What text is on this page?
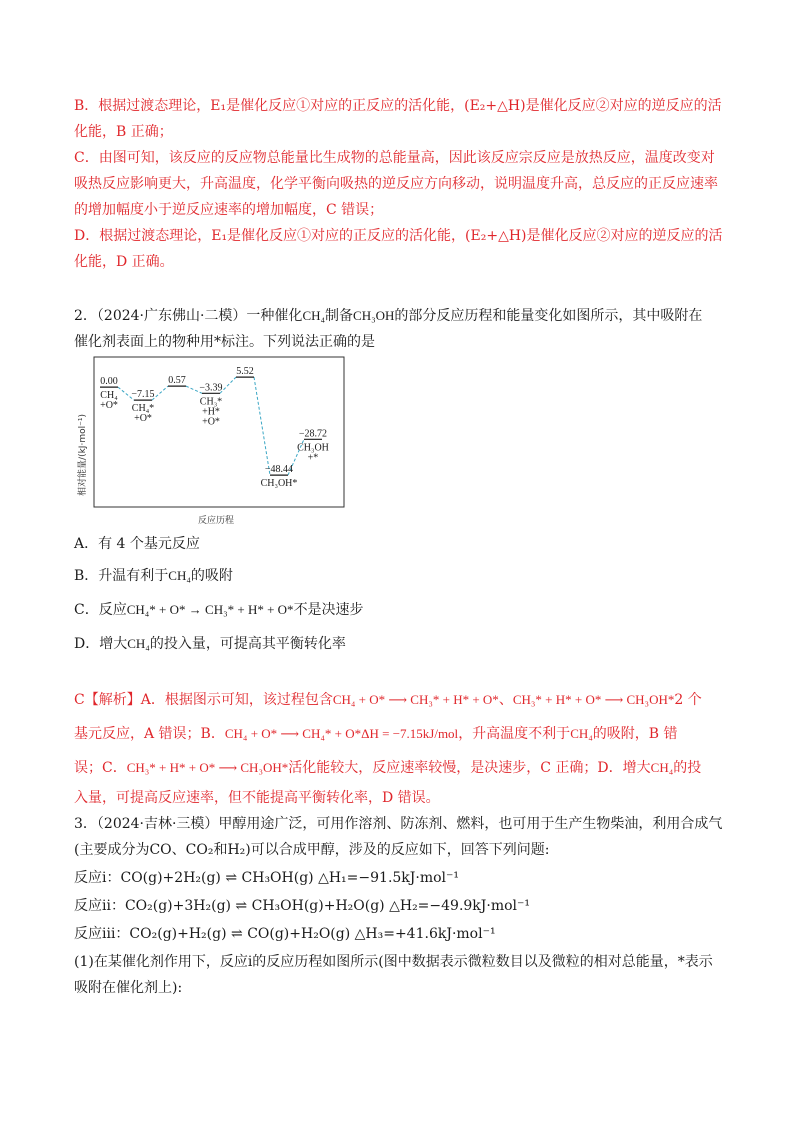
B．根据过渡态理论，E₁是催化反应①对应的正反应的活化能，(E₂+△H)是催化反应②对应的逆反应的活
化能，B 正确；
C．由图可知，该反应的反应物总能量比生成物的总能量高，因此该反应宗反应是放热反应，温度改变对
吸热反应影响更大，升高温度，化学平衡向吸热的逆反应方向移动，说明温度升高，总反应的正反应速率
的增加幅度小于逆反应速率的增加幅度，C 错误；
D．根据过渡态理论，E₁是催化反应①对应的正反应的活化能，(E₂+△H)是催化反应②对应的逆反应的活
化能，D 正确。
2．（2024·广东佛山·二模）一种催化CH₄制备CH₃OH的部分反应历程和能量变化如图所示，其中吸附在
催化剂表面上的物种用*标注。下列说法正确的是
0.00
CH₄
+O*
−7.15
CH₄*
+O*
0.57
−3.39
CH₃*
+H*
+O*
5.52
−48.44
CH₃OH*
−28.72
CH₃OH
+*
相对能量/(kJ·mol⁻¹)
反应历程
A．有 4 个基元反应
B．升温有利于CH₄的吸附
C．反应CH₄* + O* → CH₃* + H* + O*不是决速步
D．增大CH₄的投入量，可提高其平衡转化率
C【解析】A．根据图示可知，该过程包含CH₄ + O* ⟶ CH₃* + H* + O*、CH₃* + H* + O* ⟶ CH₃OH*2 个
基元反应，A 错误；B．CH₄ + O* ⟶ CH₄* + O*ΔH = −7.15kJ/mol，升高温度不利于CH₄的吸附，B 错
误；C．CH₃* + H* + O* ⟶ CH₃OH*活化能较大，反应速率较慢，是决速步，C 正确；D．增大CH₄的投
入量，可提高反应速率，但不能提高平衡转化率，D 错误。
3．（2024·吉林·三模）甲醇用途广泛，可用作溶剂、防冻剂、燃料，也可用于生产生物柴油，利用合成气
(主要成分为CO、CO₂和H₂)可以合成甲醇，涉及的反应如下，回答下列问题:
反应ⅰ：CO(g)+2H₂(g) ⇌ CH₃OH(g) △H₁=−91.5kJ·mol⁻¹
反应ⅱ：CO₂(g)+3H₂(g) ⇌ CH₃OH(g)+H₂O(g) △H₂=−49.9kJ·mol⁻¹
反应ⅲ：CO₂(g)+H₂(g) ⇌ CO(g)+H₂O(g) △H₃=+41.6kJ·mol⁻¹
(1)在某催化剂作用下，反应ⅰ的反应历程如图所示(图中数据表示微粒数目以及微粒的相对总能量，*表示
吸附在催化剂上):
